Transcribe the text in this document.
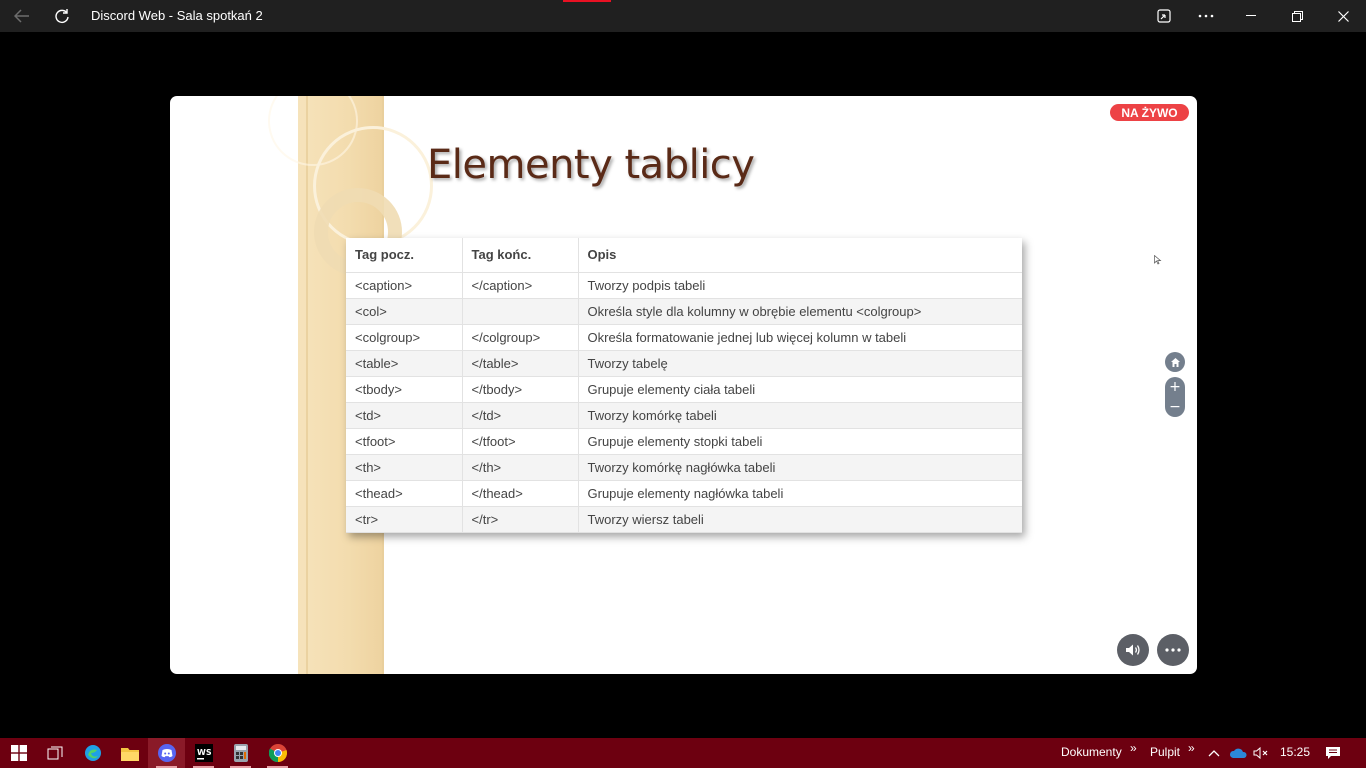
Discord Web - Sala spotkań 2
Elementy tablicy
NA ŻYWO
Tag pocz.	Tag końc.	Opis
<caption>	</caption>	Tworzy podpis tabeli
<col>		Określa style dla kolumny w obrębie elementu <colgroup>
<colgroup>	</colgroup>	Określa formatowanie jednej lub więcej kolumn w tabeli
<table>	</table>	Tworzy tabelę
<tbody>	</tbody>	Grupuje elementy ciała tabeli
<td>	</td>	Tworzy komórkę tabeli
<tfoot>	</tfoot>	Grupuje elementy stopki tabeli
<th>	</th>	Tworzy komórkę nagłówka tabeli
<thead>	</thead>	Grupuje elementy nagłówka tabeli
<tr>	</tr>	Tworzy wiersz tabeli
+
−
WS	Dokumenty » Pulpit »	15:25
